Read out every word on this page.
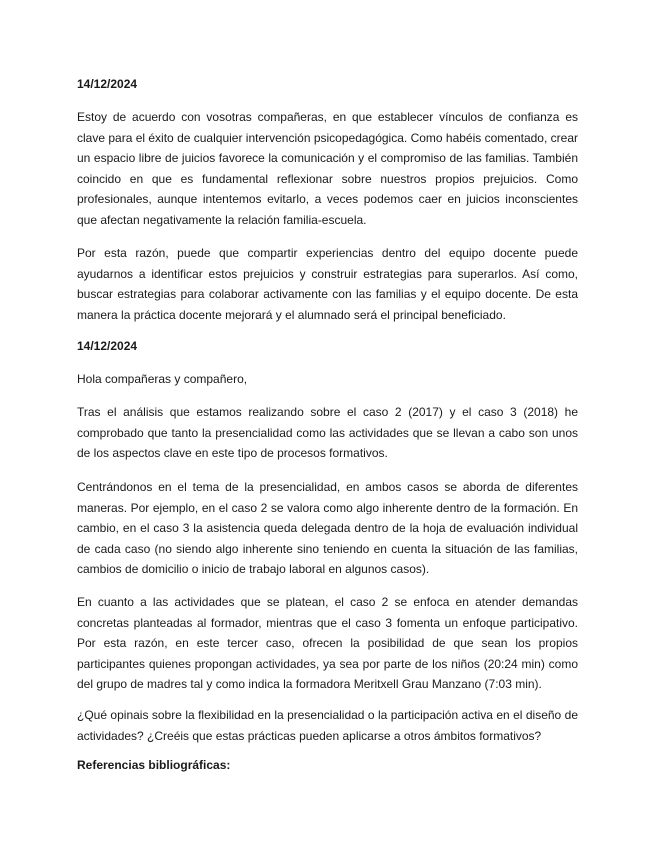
14/12/2024

Estoy de acuerdo con vosotras compañeras, en que establecer vínculos de confianza es clave para el éxito de cualquier intervención psicopedagógica. Como habéis comentado, crear un espacio libre de juicios favorece la comunicación y el compromiso de las familias. También coincido en que es fundamental reflexionar sobre nuestros propios prejuicios. Como profesionales, aunque intentemos evitarlo, a veces podemos caer en juicios inconscientes que afectan negativamente la relación familia-escuela.

Por esta razón, puede que compartir experiencias dentro del equipo docente puede ayudarnos a identificar estos prejuicios y construir estrategias para superarlos. Así como, buscar estrategias para colaborar activamente con las familias y el equipo docente. De esta manera la práctica docente mejorará y el alumnado será el principal beneficiado.

14/12/2024

Hola compañeras y compañero,

Tras el análisis que estamos realizando sobre el caso 2 (2017) y el caso 3 (2018) he comprobado que tanto la presencialidad como las actividades que se llevan a cabo son unos de los aspectos clave en este tipo de procesos formativos.

Centrándonos en el tema de la presencialidad, en ambos casos se aborda de diferentes maneras. Por ejemplo, en el caso 2 se valora como algo inherente dentro de la formación. En cambio, en el caso 3 la asistencia queda delegada dentro de la hoja de evaluación individual de cada caso (no siendo algo inherente sino teniendo en cuenta la situación de las familias, cambios de domicilio o inicio de trabajo laboral en algunos casos).

En cuanto a las actividades que se platean, el caso 2 se enfoca en atender demandas concretas planteadas al formador, mientras que el caso 3 fomenta un enfoque participativo. Por esta razón, en este tercer caso, ofrecen la posibilidad de que sean los propios participantes quienes propongan actividades, ya sea por parte de los niños (20:24 min) como del grupo de madres tal y como indica la formadora Meritxell Grau Manzano (7:03 min).

¿Qué opinais sobre la flexibilidad en la presencialidad o la participación activa en el diseño de actividades? ¿Creéis que estas prácticas pueden aplicarse a otros ámbitos formativos?

Referencias bibliográficas:
